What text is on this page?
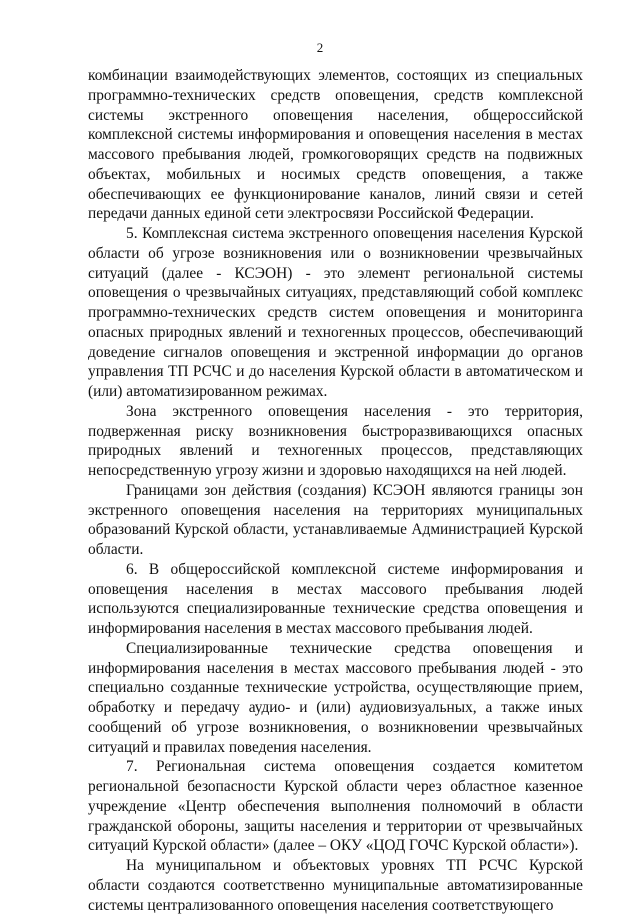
2

комбинации взаимодействующих элементов, состоящих из специальных программно-технических средств оповещения, средств комплексной системы экстренного оповещения населения, общероссийской комплексной системы информирования и оповещения населения в местах массового пребывания людей, громкоговорящих средств на подвижных объектах, мобильных и носимых средств оповещения, а также обеспечивающих ее функционирование каналов, линий связи и сетей передачи данных единой сети электросвязи Российской Федерации.

5. Комплексная система экстренного оповещения населения Курской области об угрозе возникновения или о возникновении чрезвычайных ситуаций (далее - КСЭОН) - это элемент региональной системы оповещения о чрезвычайных ситуациях, представляющий собой комплекс программно-технических средств систем оповещения и мониторинга опасных природных явлений и техногенных процессов, обеспечивающий доведение сигналов оповещения и экстренной информации до органов управления ТП РСЧС и до населения Курской области в автоматическом и (или) автоматизированном режимах.

Зона экстренного оповещения населения - это территория, подверженная риску возникновения быстроразвивающихся опасных природных явлений и техногенных процессов, представляющих непосредственную угрозу жизни и здоровью находящихся на ней людей.

Границами зон действия (создания) КСЭОН являются границы зон экстренного оповещения населения на территориях муниципальных образований Курской области, устанавливаемые Администрацией Курской области.

6. В общероссийской комплексной системе информирования и оповещения населения в местах массового пребывания людей используются специализированные технические средства оповещения и информирования населения в местах массового пребывания людей.

Специализированные технические средства оповещения и информирования населения в местах массового пребывания людей - это специально созданные технические устройства, осуществляющие прием, обработку и передачу аудио- и (или) аудиовизуальных, а также иных сообщений об угрозе возникновения, о возникновении чрезвычайных ситуаций и правилах поведения населения.

7. Региональная система оповещения создается комитетом региональной безопасности Курской области через областное казенное учреждение «Центр обеспечения выполнения полномочий в области гражданской обороны, защиты населения и территории от чрезвычайных ситуаций Курской области» (далее – ОКУ «ЦОД ГОЧС Курской области»).

На муниципальном и объектовых уровнях ТП РСЧС Курской области создаются соответственно муниципальные автоматизированные системы централизованного оповещения населения соответствующего
